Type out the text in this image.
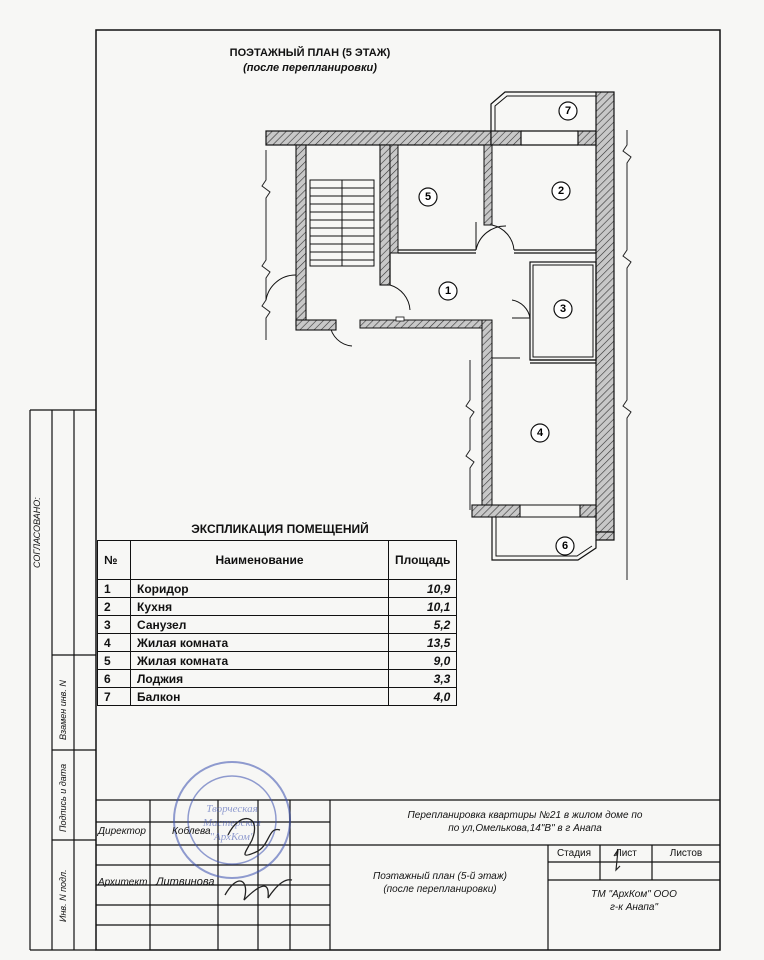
1
2
3
4
5
6
7
Творческая
Мастерская
"АрхКом"
ПОЭТАЖНЫЙ ПЛАН (5 ЭТАЖ)
(после перепланировки)
ЭКСПЛИКАЦИЯ ПОМЕЩЕНИЙ
№	Наименование	Площадь
1	Коридор	10,9
2	Кухня	10,1
3	Санузел	5,2
4	Жилая комната	13,5
5	Жилая комната	9,0
6	Лоджия	3,3
7	Балкон	4,0
СОГЛАСОВАНО:
Взамен инв. N
Подпись и дата
Инв. N подл.
Директор	Коблева
Архитект Литвинова
Перепланировка квартиры №21 в жилом доме по
по ул,Омелькова,14"В" в г Анапа
Поэтажный план (5-й этаж)
(после перепланировки)
Стадия	Лист	Листов
ТМ "АрхКом" ООО
г-к Анапа"
